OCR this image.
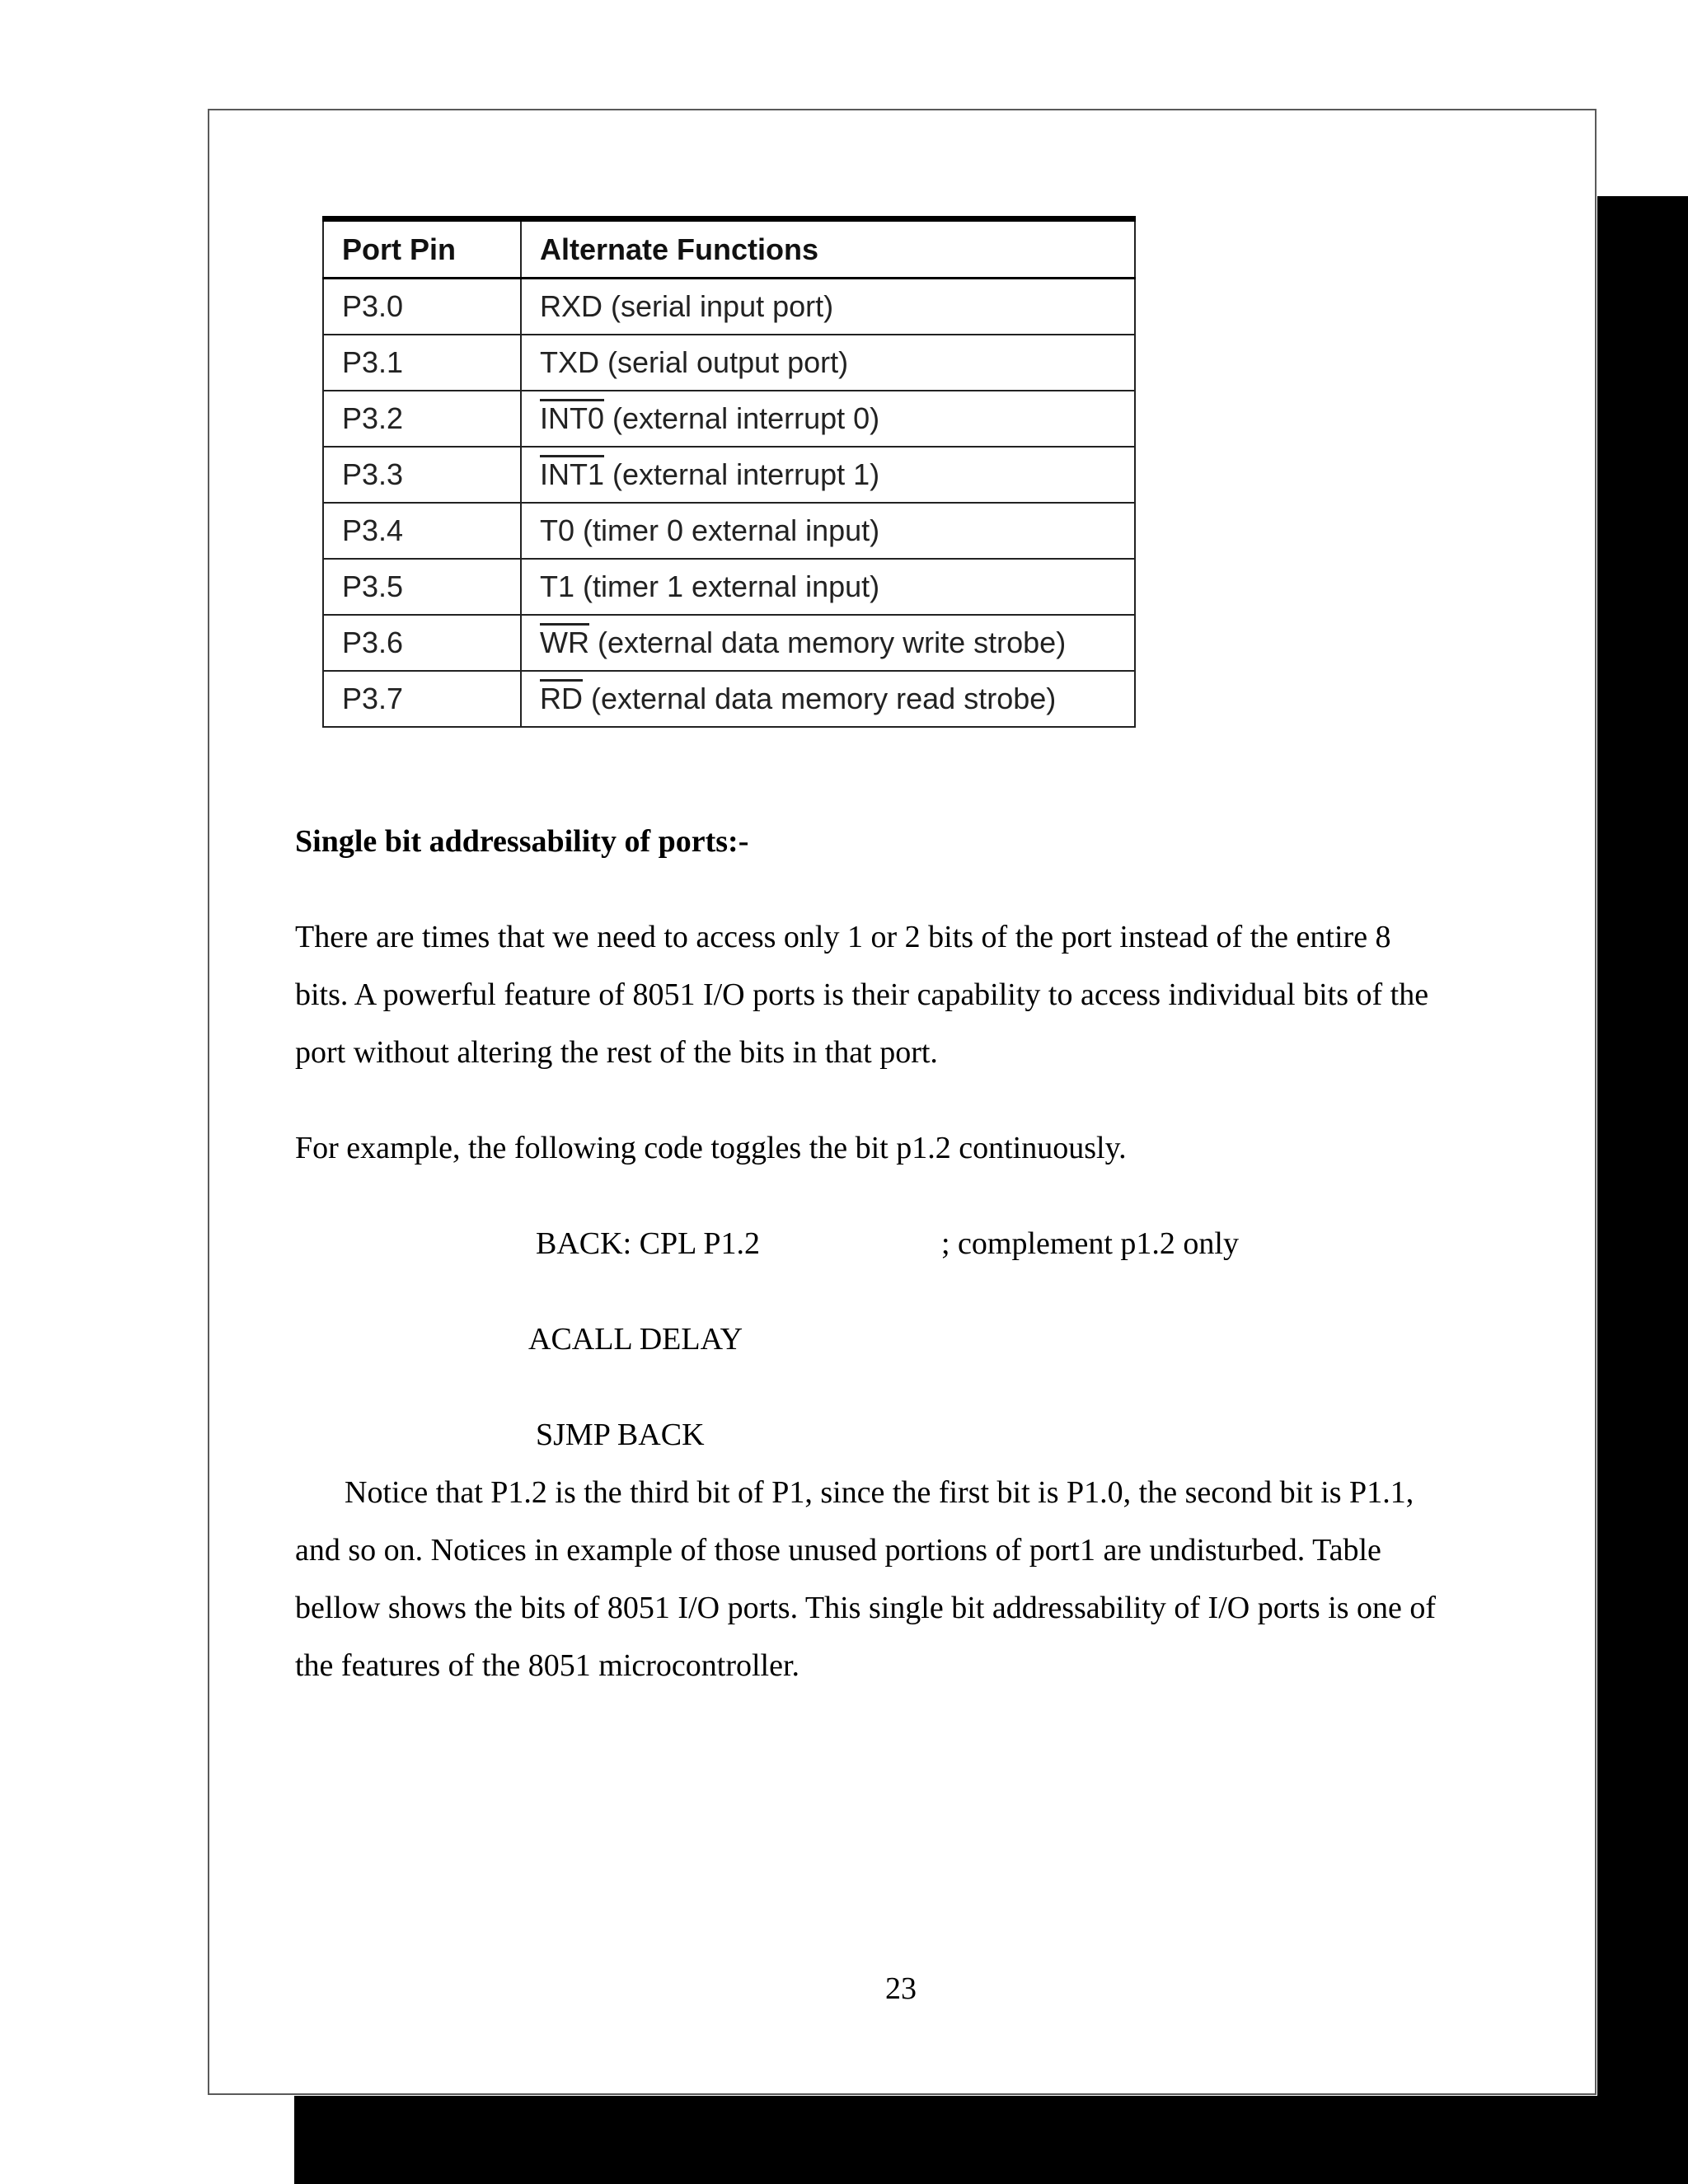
Port Pin	Alternate Functions
P3.0	RXD (serial input port)
P3.1	TXD (serial output port)
P3.2	INT0 (external interrupt 0)
P3.3	INT1 (external interrupt 1)
P3.4	T0 (timer 0 external input)
P3.5	T1 (timer 1 external input)
P3.6	$\overline{WR}$ (external data memory write strobe)
P3.7	$\overline{RD}$ (external data memory read strobe)
Single bit addressability of ports:-
There are times that we need to access only 1 or 2 bits of the port instead of the entire 8
bits. A powerful feature of 8051 I/O ports is their capability to access individual bits of the
port without altering the rest of the bits in that port.
For example, the following code toggles the bit p1.2 continuously.
BACK: CPL P1.2	; complement p1.2 only
ACALL DELAY
SJMP BACK
Notice that P1.2 is the third bit of P1, since the first bit is P1.0, the second bit is P1.1,
and so on. Notices in example of those unused portions of port1 are undisturbed. Table
bellow shows the bits of 8051 I/O ports. This single bit addressability of I/O ports is one of
the features of the 8051 microcontroller.
23
